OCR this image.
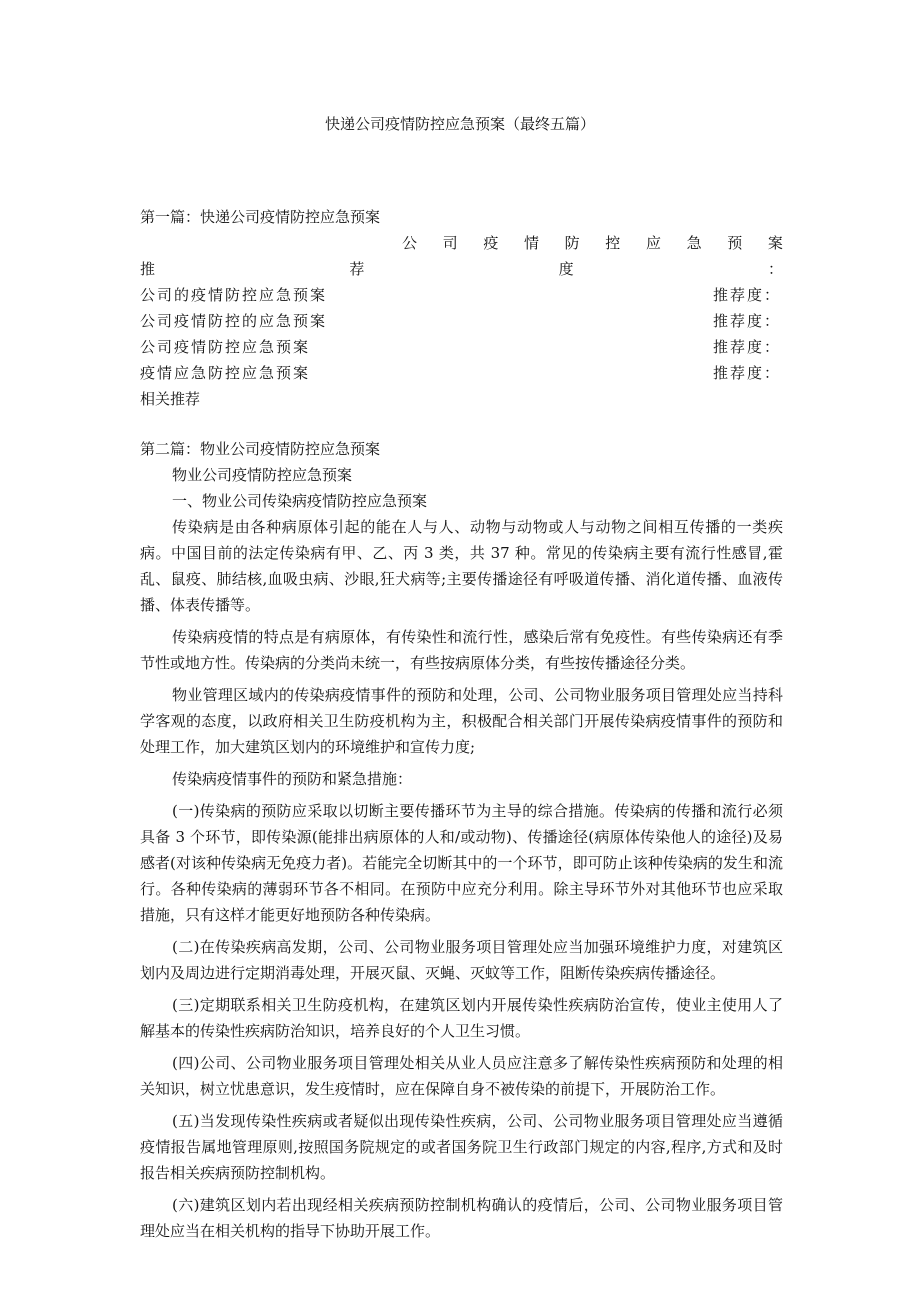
快递公司疫情防控应急预案（最终五篇）
第一篇：快递公司疫情防控应急预案
公 司 疫 情 防 控 应 急 预 案
推	荐	度	：
公司的疫情防控应急预案	推荐度：
公司疫情防控的应急预案	推荐度：
公司疫情防控应急预案	推荐度：
疫情应急防控应急预案	推荐度：
相关推荐
第二篇：物业公司疫情防控应急预案
物业公司疫情防控应急预案
一、物业公司传染病疫情防控应急预案

传染病是由各种病原体引起的能在人与人、动物与动物或人与动物之间相互传播的一类疾病。中国目前的法定传染病有甲、乙、丙 3 类，共 37 种。常见的传染病主要有流行性感冒,霍乱、鼠疫、肺结核,血吸虫病、沙眼,狂犬病等;主要传播途径有呼吸道传播、消化道传播、血液传播、体表传播等。

传染病疫情的特点是有病原体，有传染性和流行性，感染后常有免疫性。有些传染病还有季节性或地方性。传染病的分类尚未统一，有些按病原体分类，有些按传播途径分类。

物业管理区域内的传染病疫情事件的预防和处理，公司、公司物业服务项目管理处应当持科学客观的态度，以政府相关卫生防疫机构为主，积极配合相关部门开展传染病疫情事件的预防和处理工作，加大建筑区划内的环境维护和宣传力度;

传染病疫情事件的预防和紧急措施：

(一)传染病的预防应采取以切断主要传播环节为主导的综合措施。传染病的传播和流行必须具备 3 个环节，即传染源(能排出病原体的人和/或动物)、传播途径(病原体传染他人的途径)及易感者(对该种传染病无免疫力者)。若能完全切断其中的一个环节，即可防止该种传染病的发生和流行。各种传染病的薄弱环节各不相同。在预防中应充分利用。除主导环节外对其他环节也应采取措施，只有这样才能更好地预防各种传染病。

(二)在传染疾病高发期，公司、公司物业服务项目管理处应当加强环境维护力度，对建筑区划内及周边进行定期消毒处理，开展灭鼠、灭蝇、灭蚊等工作，阻断传染疾病传播途径。

(三)定期联系相关卫生防疫机构，在建筑区划内开展传染性疾病防治宣传，使业主使用人了解基本的传染性疾病防治知识，培养良好的个人卫生习惯。

(四)公司、公司物业服务项目管理处相关从业人员应注意多了解传染性疾病预防和处理的相关知识，树立忧患意识，发生疫情时，应在保障自身不被传染的前提下，开展防治工作。

(五)当发现传染性疾病或者疑似出现传染性疾病，公司、公司物业服务项目管理处应当遵循疫情报告属地管理原则,按照国务院规定的或者国务院卫生行政部门规定的内容,程序,方式和及时报告相关疾病预防控制机构。

(六)建筑区划内若出现经相关疾病预防控制机构确认的疫情后，公司、公司物业服务项目管理处应当在相关机构的指导下协助开展工作。
